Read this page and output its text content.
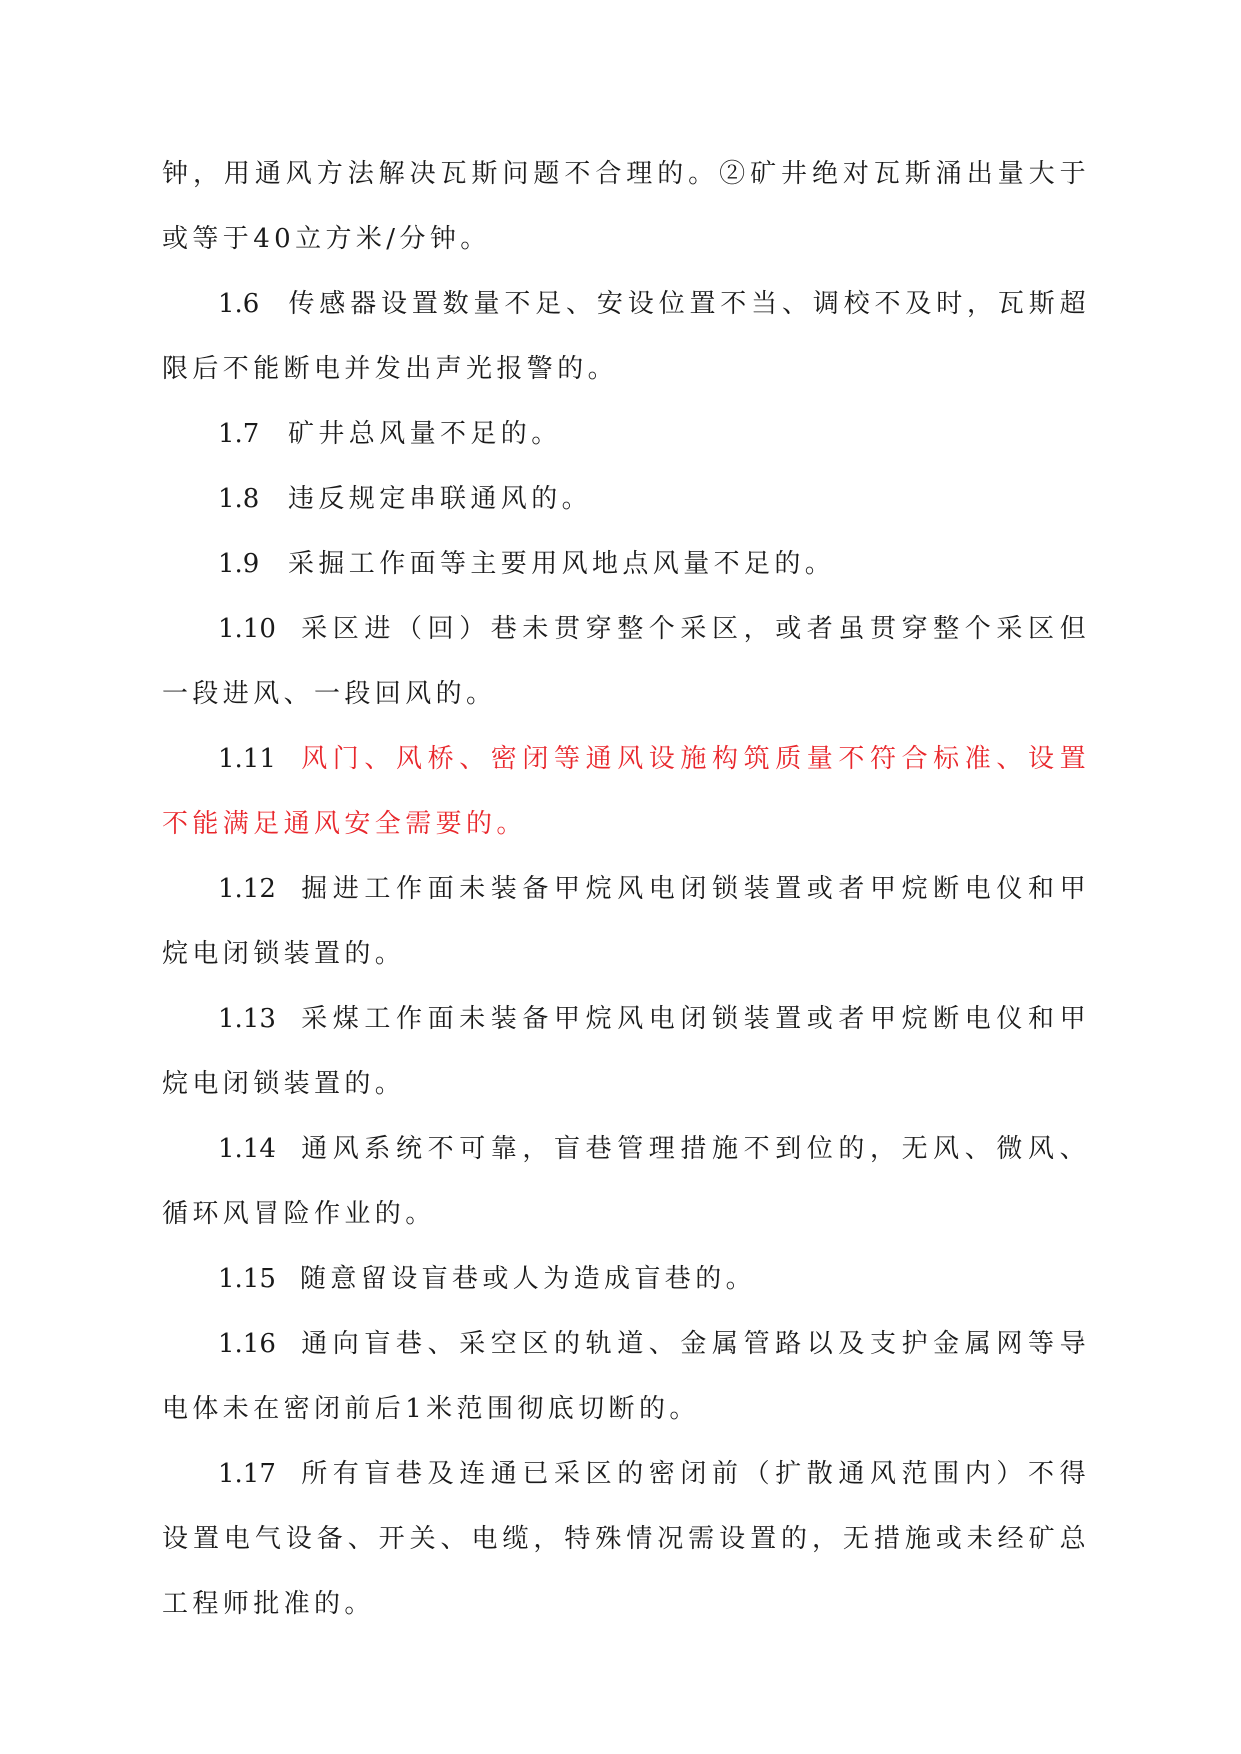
钟，用通风方法解决瓦斯问题不合理的。②矿井绝对瓦斯涌出量大于或等于40立方米/分钟。

1.6 传感器设置数量不足、安设位置不当、调校不及时，瓦斯超限后不能断电并发出声光报警的。

1.7 矿井总风量不足的。

1.8 违反规定串联通风的。

1.9 采掘工作面等主要用风地点风量不足的。

1.10 采区进（回）巷未贯穿整个采区，或者虽贯穿整个采区但一段进风、一段回风的。

1.11 风门、风桥、密闭等通风设施构筑质量不符合标准、设置不能满足通风安全需要的。

1.12 掘进工作面未装备甲烷风电闭锁装置或者甲烷断电仪和甲烷电闭锁装置的。

1.13 采煤工作面未装备甲烷风电闭锁装置或者甲烷断电仪和甲烷电闭锁装置的。

1.14 通风系统不可靠，盲巷管理措施不到位的，无风、微风、循环风冒险作业的。

1.15 随意留设盲巷或人为造成盲巷的。

1.16 通向盲巷、采空区的轨道、金属管路以及支护金属网等导电体未在密闭前后1米范围彻底切断的。

1.17 所有盲巷及连通已采区的密闭前（扩散通风范围内）不得设置电气设备、开关、电缆，特殊情况需设置的，无措施或未经矿总工程师批准的。
